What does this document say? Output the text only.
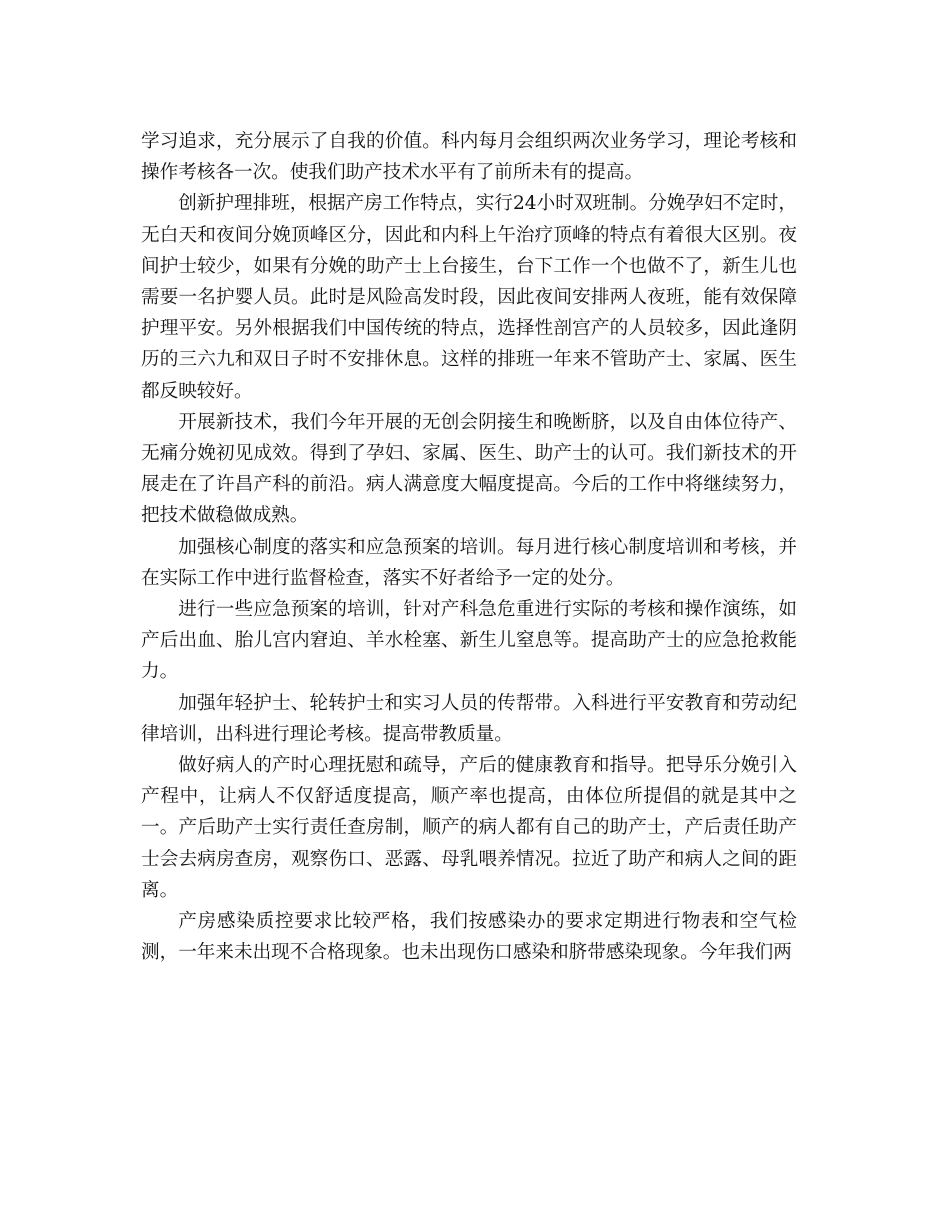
学习追求，充分展示了自我的价值。科内每月会组织两次业务学习，理论考核和操作考核各一次。使我们助产技术水平有了前所未有的提高。

创新护理排班，根据产房工作特点，实行24小时双班制。分娩孕妇不定时，无白天和夜间分娩顶峰区分，因此和内科上午治疗顶峰的特点有着很大区别。夜间护士较少，如果有分娩的助产士上台接生，台下工作一个也做不了，新生儿也需要一名护婴人员。此时是风险高发时段，因此夜间安排两人夜班，能有效保障护理平安。另外根据我们中国传统的特点，选择性剖宫产的人员较多，因此逢阴历的三六九和双日子时不安排休息。这样的排班一年来不管助产士、家属、医生都反映较好。

开展新技术，我们今年开展的无创会阴接生和晚断脐，以及自由体位待产、无痛分娩初见成效。得到了孕妇、家属、医生、助产士的认可。我们新技术的开展走在了许昌产科的前沿。病人满意度大幅度提高。今后的工作中将继续努力，把技术做稳做成熟。

加强核心制度的落实和应急预案的培训。每月进行核心制度培训和考核，并在实际工作中进行监督检查，落实不好者给予一定的处分。

进行一些应急预案的培训，针对产科急危重进行实际的考核和操作演练，如产后出血、胎儿宫内窘迫、羊水栓塞、新生儿窒息等。提高助产士的应急抢救能力。

加强年轻护士、轮转护士和实习人员的传帮带。入科进行平安教育和劳动纪律培训，出科进行理论考核。提高带教质量。

做好病人的产时心理抚慰和疏导，产后的健康教育和指导。把导乐分娩引入产程中，让病人不仅舒适度提高，顺产率也提高，由体位所提倡的就是其中之一。产后助产士实行责任查房制，顺产的病人都有自己的助产士，产后责任助产士会去病房查房，观察伤口、恶露、母乳喂养情况。拉近了助产和病人之间的距离。

产房感染质控要求比较严格，我们按感染办的要求定期进行物表和空气检测，一年来未出现不合格现象。也未出现伤口感染和脐带感染现象。今年我们两
